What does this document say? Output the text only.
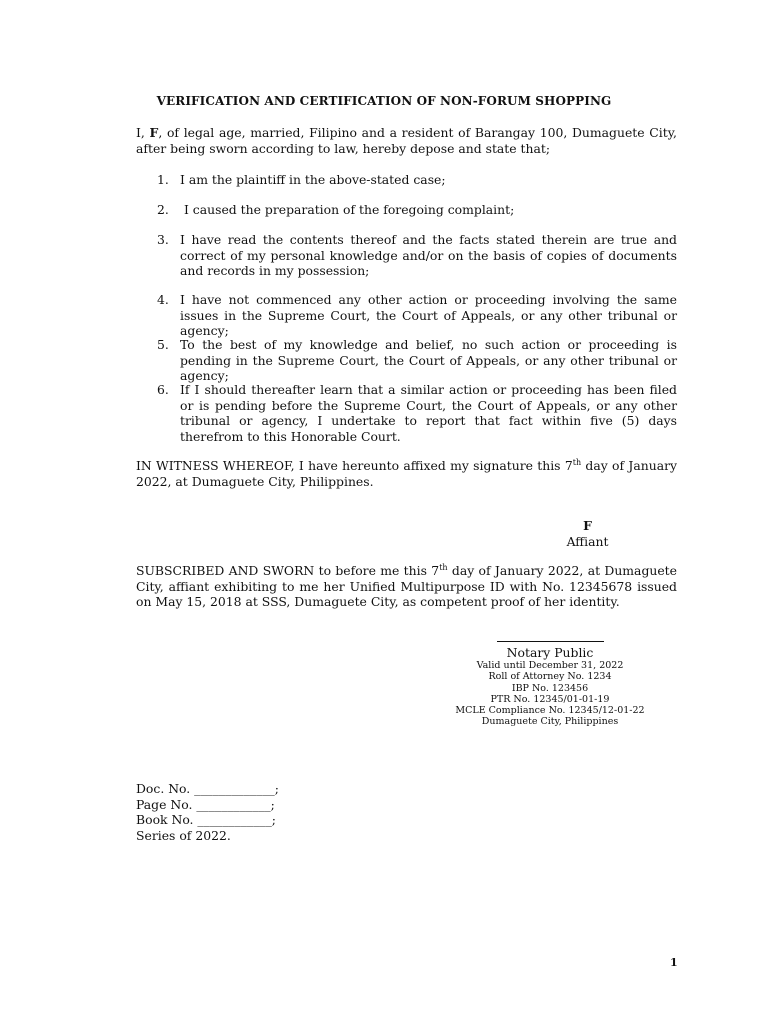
VERIFICATION AND CERTIFICATION OF NON-FORUM SHOPPING
I, F, of legal age, married, Filipino and a resident of Barangay 100, Dumaguete City, after being sworn according to law, hereby depose and state that;
1. I am the plaintiff in the above-stated case;
2. I caused the preparation of the foregoing complaint;
3. I have read the contents thereof and the facts stated therein are true and correct of my personal knowledge and/or on the basis of copies of documents and records in my possession;
4. I have not commenced any other action or proceeding involving the same issues in the Supreme Court, the Court of Appeals, or any other tribunal or agency;
5. To the best of my knowledge and belief, no such action or proceeding is pending in the Supreme Court, the Court of Appeals, or any other tribunal or agency;
6. If I should thereafter learn that a similar action or proceeding has been filed or is pending before the Supreme Court, the Court of Appeals, or any other tribunal or agency, I undertake to report that fact within five (5) days therefrom to this Honorable Court.
IN WITNESS WHEREOF, I have hereunto affixed my signature this 7th day of January 2022, at Dumaguete City, Philippines.
F
Affiant
SUBSCRIBED AND SWORN to before me this 7th day of January 2022, at Dumaguete City, affiant exhibiting to me her Unified Multipurpose ID with No. 12345678 issued on May 15, 2018 at SSS, Dumaguete City, as competent proof of her identity.
Notary Public
Valid until December 31, 2022
Roll of Attorney No. 1234
IBP No. 123456
PTR No. 12345/01-01-19
MCLE Compliance No. 12345/12-01-22
Dumaguete City, Philippines
Doc. No. _____________;
Page No. ____________;
Book No. ____________;
Series of 2022.
1
